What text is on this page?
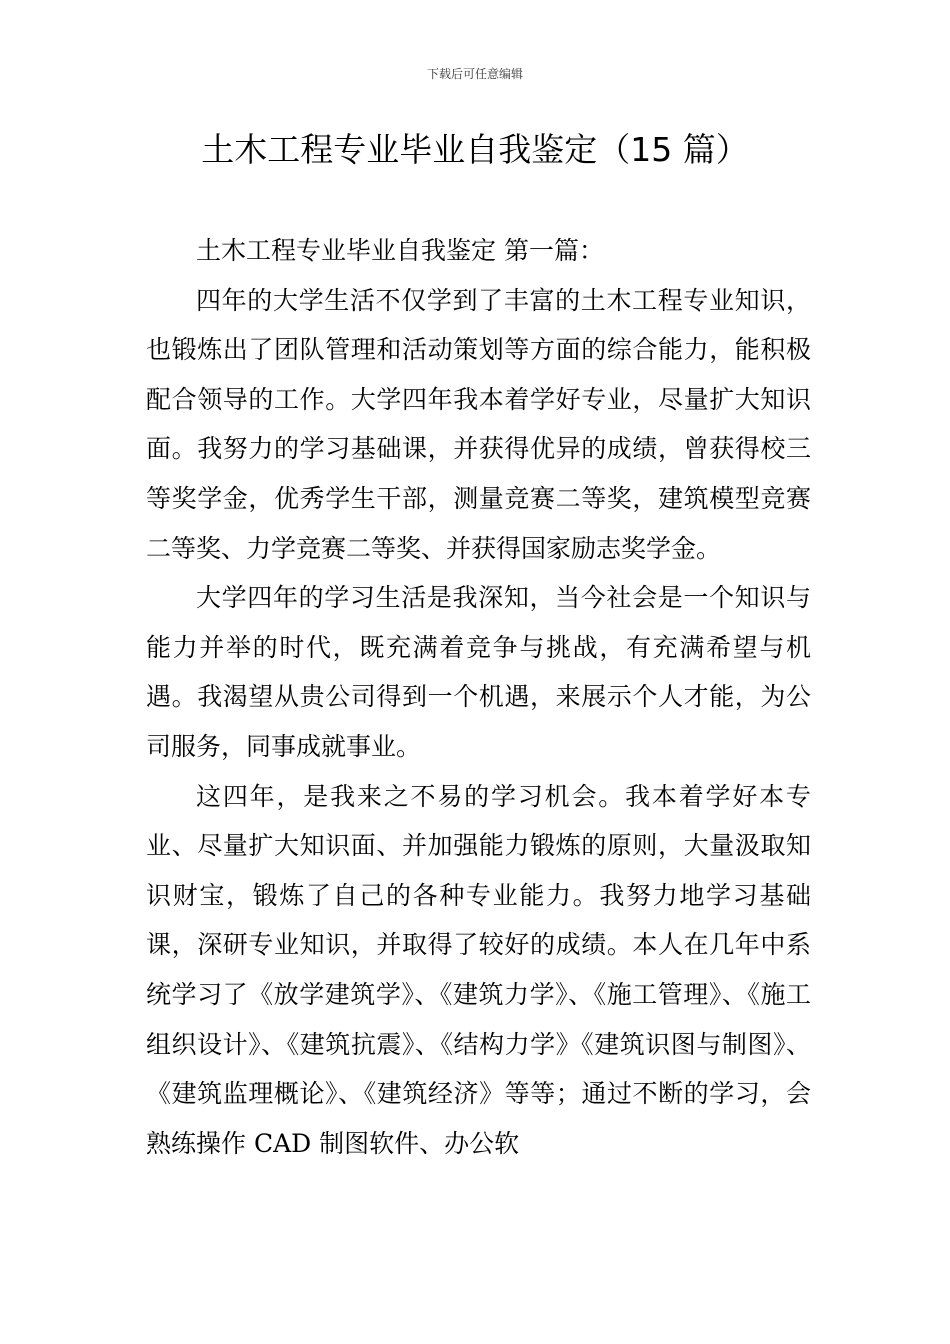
下载后可任意编辑
土木工程专业毕业自我鉴定（15 篇）

土木工程专业毕业自我鉴定 第一篇：

四年的大学生活不仅学到了丰富的土木工程专业知识，也锻炼出了团队管理和活动策划等方面的综合能力，能积极配合领导的工作。大学四年我本着学好专业，尽量扩大知识面。我努力的学习基础课，并获得优异的成绩，曾获得校三等奖学金，优秀学生干部，测量竞赛二等奖，建筑模型竞赛二等奖、力学竞赛二等奖、并获得国家励志奖学金。

大学四年的学习生活是我深知，当今社会是一个知识与能力并举的时代，既充满着竞争与挑战，有充满希望与机遇。我渴望从贵公司得到一个机遇，来展示个人才能，为公司服务，同事成就事业。

这四年，是我来之不易的学习机会。我本着学好本专业、尽量扩大知识面、并加强能力锻炼的原则，大量汲取知识财宝，锻炼了自己的各种专业能力。我努力地学习基础课，深研专业知识，并取得了较好的成绩。本人在几年中系统学习了《放学建筑学》、《建筑力学》、《施工管理》、《施工组织设计》、《建筑抗震》、《结构力学》《建筑识图与制图》、《建筑监理概论》、《建筑经济》等等；通过不断的学习，会熟练操作 CAD 制图软件、办公软
